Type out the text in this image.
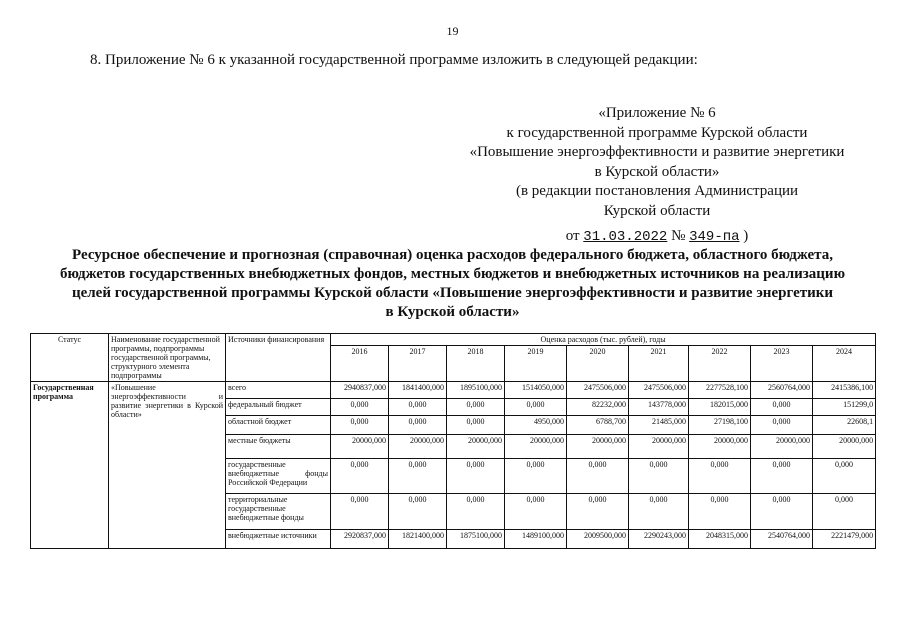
19
8. Приложение № 6 к указанной государственной программе изложить в следующей редакции:
«Приложение № 6
к государственной программе Курской области
«Повышение энергоэффективности и развитие энергетики
в Курской области»
(в редакции постановления Администрации
Курской области
от 31.03.2022 № 349-па )
Ресурсное обеспечение и прогнозная (справочная) оценка расходов федерального бюджета, областного бюджета,
бюджетов государственных внебюджетных фондов, местных бюджетов и внебюджетных источников на реализацию
целей государственной программы Курской области «Повышение энергоэффективности и развитие энергетики
в Курской области»
Статус	Наименование государственной программы, подпрограммы государственной программы, структурного элемента подпрограммы	Источники финансирования	Оценка расходов (тыс. рублей), годы								
			2016	2017	2018	2019	2020	2021	2022	2023	2024
Государственная программа	«Повышение энергоэффективности и развитие энергетики в Курской области»	всего	2940837,000	1841400,000	1895100,000	1514050,000	2475506,000	2475506,000	2277528,100	2560764,000	2415386,100
		федеральный бюджет	0,000	0,000	0,000	0,000	82232,000	143778,000	182015,000	0,000	151299,0
		областной бюджет	0,000	0,000	0,000	4950,000	6788,700	21485,000	27198,100	0,000	22608,1
		местные бюджеты	20000,000	20000,000	20000,000	20000,000	20000,000	20000,000	20000,000	20000,000	20000,000
		государственные внебюджетные фонды Российской Федерации	0,000	0,000	0,000	0,000	0,000	0,000	0,000	0,000	0,000
		территориальные государственные внебюджетные фонды	0,000	0,000	0,000	0,000	0,000	0,000	0,000	0,000	0,000
		внебюджетные источники	2920837,000	1821400,000	1875100,000	1489100,000	2009500,000	2290243,000	2048315,000	2540764,000	2221479,000
